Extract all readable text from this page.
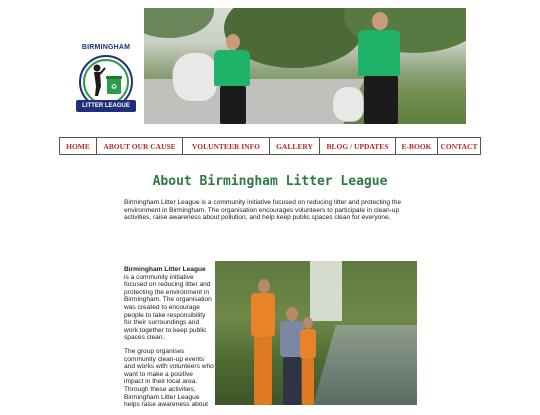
BIRMINGHAM
♻
LITTER LEAGUE
HOME	ABOUT OUR CAUSE	VOLUNTEER INFO	GALLERY	BLOG / UPDATES	E-BOOK	CONTACT
About Birmingham Litter League

Birmingham Litter League is a community initiative focused on reducing litter and protecting the environment in Birmingham. The organisation encourages volunteers to participate in clean-up activities, raise awareness about pollution, and help keep public spaces clean for everyone.

Birmingham Litter League
is a community initiative focused on reducing litter and protecting the environment in Birmingham. The organisation was created to encourage people to take responsibility for their surroundings and work together to keep public spaces clean.

The group organises community clean-up events and works with volunteers who want to make a positive impact in their local area. Through these activities, Birmingham Litter League helps raise awareness about
